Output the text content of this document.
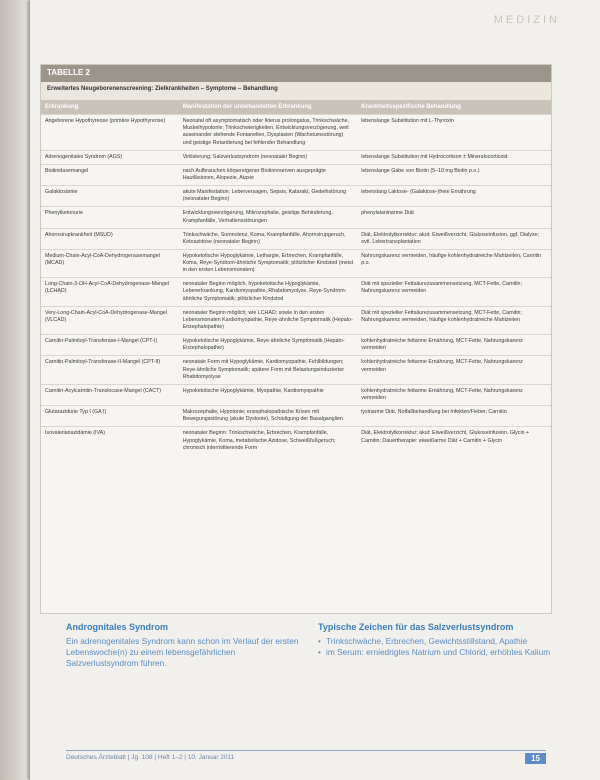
MEDIZIN
TABELLE 2
Erweitertes Neugeborenenscreening: Zielkrankheiten – Symptome – Behandlung
Erkrankung	Manifestation der unbehandelten Erkrankung	Krankheitsspezifische Behandlung
Angeborene Hypothyreose (primäre Hypothyreose)	Neonatal oft asymptomatisch oder Ikterus prolongatus, Trinkschwäche, Muskelhypotonie; Trinkschwierigkeiten, Entwicklungsverzögerung, weit auseinander stehende Fontanellen, Dysplasien (Wachstumsstörung) und geistige Retardierung bei fehlender Behandlung	lebenslange Substitution mit L-Thyroxin
Adrenogenitales Syndrom (AGS)	Virilisierung; Salzverlustsyndrom (neonataler Beginn)	lebenslange Substitution mit Hydrocortison ± Mineralocorticoid
Biotinidasemangel	nach Aufbrauchen körpereigener Biotinreserven ausgeprägte Hautläsionen, Alopezie, Ataxie	lebenslange Gabe von Biotin (5–10 mg Biotin p.o.)
Galaktosämie	akute Manifestation: Leberversagen, Sepsis, Katarakt, Gedeihstörung (neonataler Beginn)	lebenslang Laktose- (Galaktose-)freie Ernährung
Phenylketonurie	Entwicklungsverzögerung, Mikrozephalie, geistige Behinderung, Krampfanfälle, Verhaltensstörungen	phenylalaninarme Diät
Ahornsirupkrankheit (MSUD)	Trinkschwäche, Somnolenz, Koma, Krampfanfälle, Ahornsirupgeruch, Ketoazidose (neonataler Beginn)	Diät, Elektrolytkorrektur; akut: Eiweißverzicht, Glukoseinfusion, ggf. Dialyse; evtl. Lebertransplantation
Medium-Chain-Acyl-CoA-Dehydrogenasemangel (MCAD)	Hypoketotische Hypoglykämie, Lethargie, Erbrechen, Krampfanfälle, Koma, Reye-Syndrom-ähnliche Symptomatik; plötzlicher Kindstod (meist in den ersten Lebensmonaten)	Nahrungskarenz vermeiden, häufige kohlenhydratreiche Mahlzeiten, Carnitin p.o.
Long-Chain-3-OH-Acyl-CoA-Dehydrogenase-Mangel (LCHAD)	neonataler Beginn möglich, hypoketotische Hypoglykämie, Lebererkrankung, Kardiomyopathie, Rhabdomyolyse, Reye-Syndrom-ähnliche Symptomatik; plötzlicher Kindstod	Diät mit spezieller Fettsäurezusammensetzung, MCT-Fette, Carnitin; Nahrungskarenz vermeiden
Very-Long-Chain-Acyl-CoA-Dehydrogenase-Mangel (VLCAD)	neonataler Beginn möglich; wie LCHAD; sowie in den ersten Lebensmonaten Kardiomyopathie, Reye-ähnliche Symptomatik (Hepato-Enzephalopathie)	Diät mit spezieller Fettsäurezusammensetzung, MCT-Fette, Carnitin; Nahrungskarenz vermeiden, häufige kohlenhydratreiche Mahlzeiten
Carnitin-Palmitoyl-Transferase-I-Mangel (CPT-I)	Hypoketotische Hypoglykämie, Reye-ähnliche Symptomatik (Hepato-Enzephalopathie)	kohlenhydratreiche fettarme Ernährung, MCT-Fette, Nahrungskarenz vermeiden
Carnitin-Palmitoyl-Transferase-II-Mangel (CPT-II)	neonatale Form mit Hypoglykämie, Kardiomyopathie, Fehlbildungen; Reye-ähnliche Symptomatik; spätere Form mit Belastungsinduzierter Rhabdomyolyse	kohlenhydratreiche fettarme Ernährung, MCT-Fette, Nahrungskarenz vermeiden
Carnitin-Acylcarnitin-Translocase-Mangel (CACT)	Hypoketotische Hypoglykämie, Myopathie, Kardiomyopathie	kohlenhydratreiche fettarme Ernährung, MCT-Fette, Nahrungskarenz vermeiden
Glutarazidurie Typ I (GA I)	Makrozephalie, Hypotonie; enzephalopathische Krisen mit Bewegungsstörung (akute Dystonie), Schädigung der Basalganglien	lysinarme Diät, Notfallbehandlung bei Infekten/Fieber, Carnitin
Isovalerianazidämie (IVA)	neonataler Beginn: Trinkschwäche, Erbrechen, Krampfanfälle, Hypoglykämie, Koma, metabolische Azidose, Schweißfußgeruch; chronisch intermittierende Form	Diät, Elektrolytkorrektur; akut: Eiweißverzicht, Glukoseinfusion, Glycin + Carnitin; Dauertherapie: eiweißarme Diät + Carnitin + Glycin
Andrognitales Syndrom
Ein adrenogenitales Syndrom kann schon im Verlauf der ersten Lebenswoche(n) zu einem lebensgefährlichen Salzverlustsyndrom führen.
Typische Zeichen für das Salzverlustsyndrom
• Trinkschwäche, Erbrechen, Gewichtsstillstand, Apathie
• im Serum: erniedrigtes Natrium und Chlorid, erhöhtes Kalium
Deutsches Ärzteblatt | Jg. 108 | Heft 1–2 | 10. Januar 2011	15
